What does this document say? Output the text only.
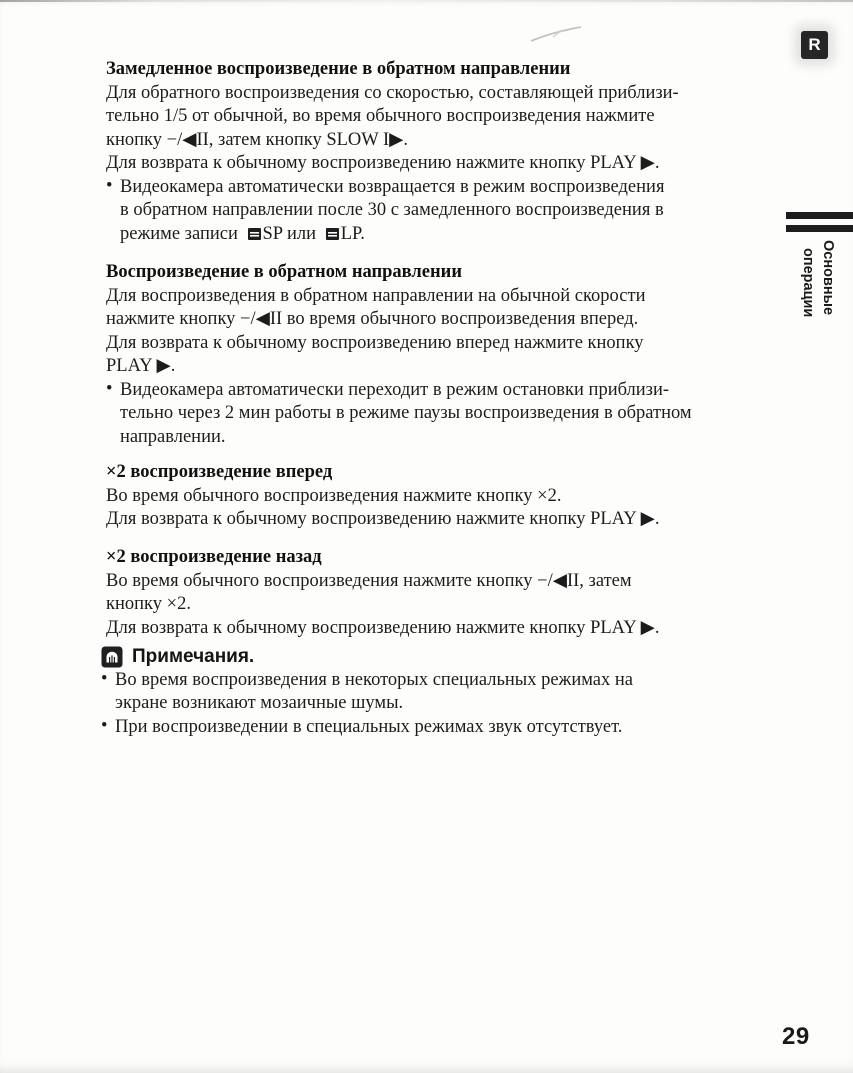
R
Основные
операции
Замедленное воспроизведение в обратном направлении
Для обратного воспроизведения со скоростью, составляющей приблизи-
тельно 1/5 от обычной, во время обычного воспроизведения нажмите
кнопку −/◀II, затем кнопку SLOW I▶.
Для возврата к обычному воспроизведению нажмите кнопку PLAY ▶.
• Видеокамера автоматически возвращается в режим воспроизведения
в обратном направлении после 30 с замедленного воспроизведения в
режиме записи SP или LP.
Воспроизведение в обратном направлении
Для воспроизведения в обратном направлении на обычной скорости
нажмите кнопку −/◀II во время обычного воспроизведения вперед.
Для возврата к обычному воспроизведению вперед нажмите кнопку
PLAY ▶.
• Видеокамера автоматически переходит в режим остановки приблизи-
тельно через 2 мин работы в режиме паузы воспроизведения в обратном
направлении.
×2 воспроизведение вперед
Во время обычного воспроизведения нажмите кнопку ×2.
Для возврата к обычному воспроизведению нажмите кнопку PLAY ▶.
×2 воспроизведение назад
Во время обычного воспроизведения нажмите кнопку −/◀II, затем
кнопку ×2.
Для возврата к обычному воспроизведению нажмите кнопку PLAY ▶.
Примечания.
• Во время воспроизведения в некоторых специальных режимах на
экране возникают мозаичные шумы.
• При воспроизведении в специальных режимах звук отсутствует.
29
